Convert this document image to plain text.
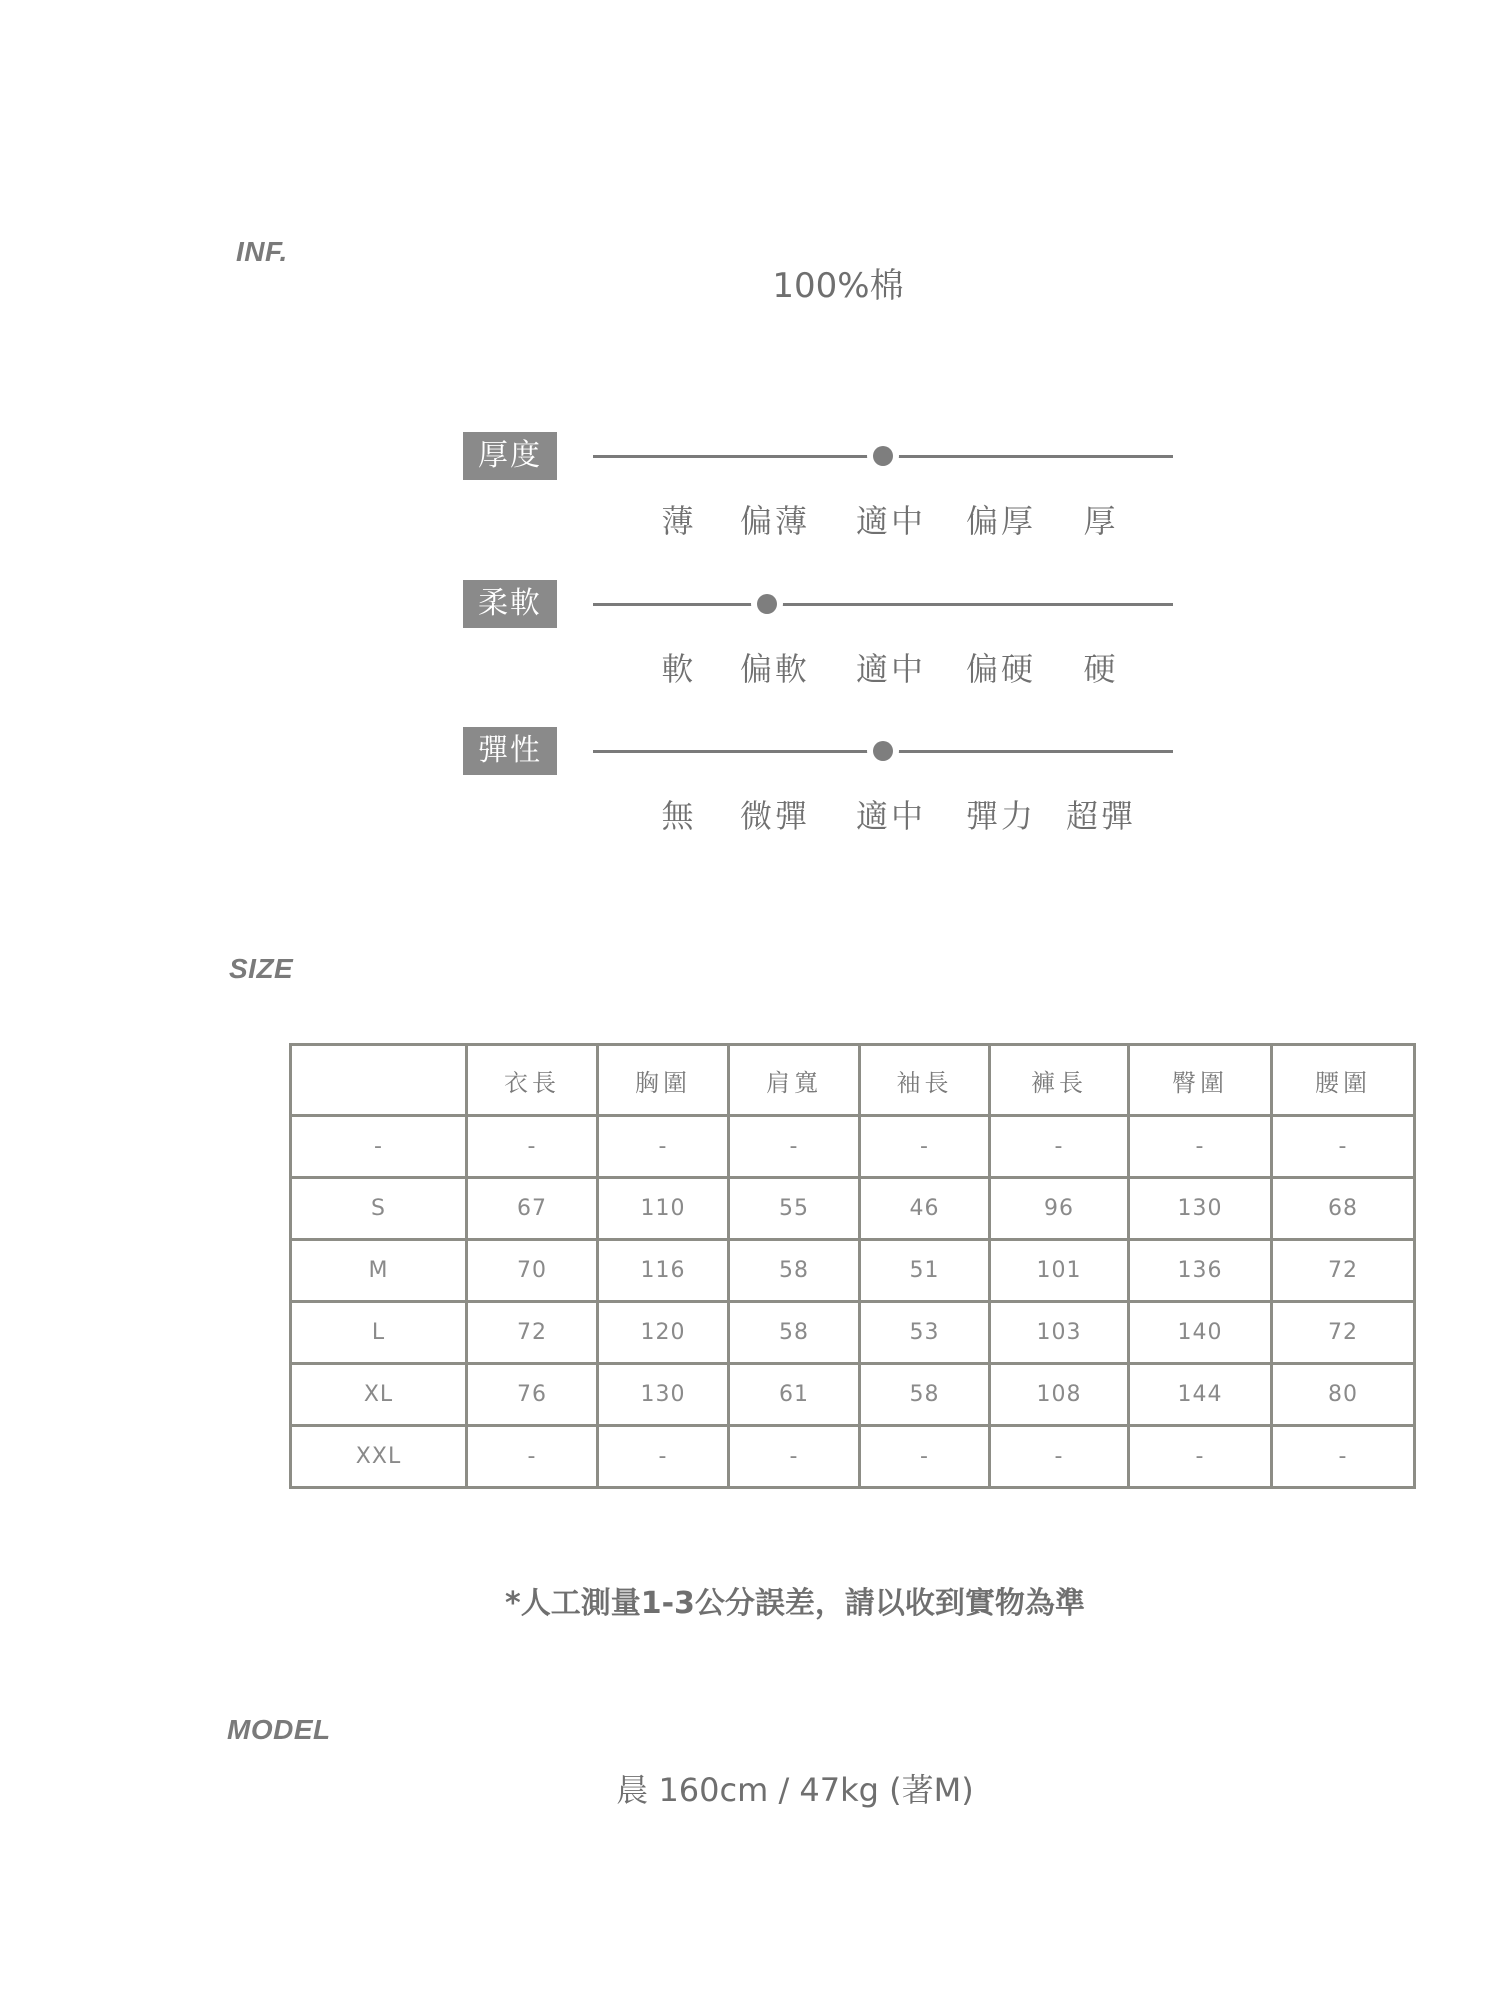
INF.
100%棉
厚度
薄 偏薄 適中 偏厚 厚
柔軟
軟 偏軟 適中 偏硬 硬
彈性
無 微彈 適中 彈力 超彈
SIZE
	衣長	胸圍	肩寬	袖長	褲長	臀圍	腰圍
-	-	-	-	-	-	-	-
S	67	110	55	46	96	130	68
M	70	116	58	51	101	136	72
L	72	120	58	53	103	140	72
XL	76	130	61	58	108	144	80
XXL	-	-	-	-	-	-	-
*人工測量1-3公分誤差，請以收到實物為準
MODEL
晨 160cm / 47kg (著M)
